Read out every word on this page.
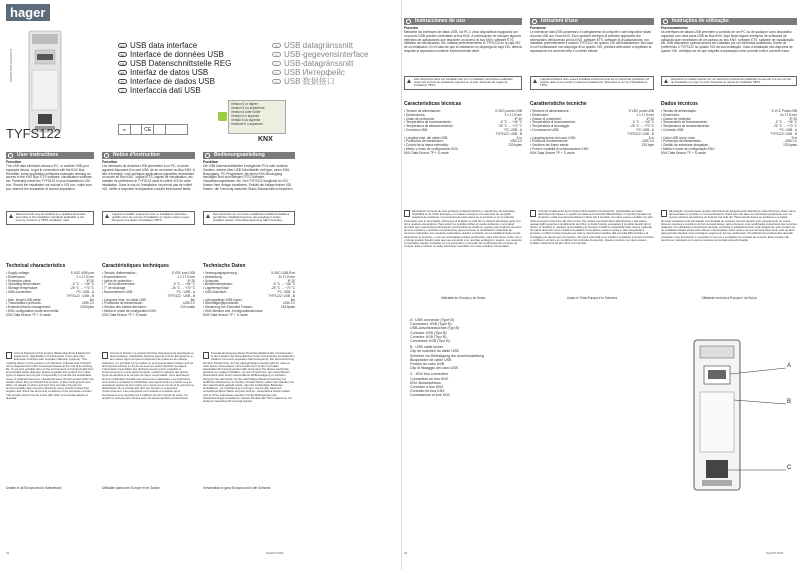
hager
6LE007151B 6LE002771
TYFS122
EN USB data interface
FR Interface de données USB
DE USB Datenschnittstelle REG
ES Interfaz de datos USB
PT Interface de dados USB
IT Interfaccia dati USB
NL USB datagränssnitt
SV USB-gegevensinterface
FI USB-datagränssnitt
RU USB Интерфейс
ZH USB 数据接口
TP	CE
Version 5 or higher
Version 5 ou supérieure
Version 5 oder höher
Versión 5 o superior
Versão 5 ou superior
Versione 5 o superiore
KNX
User instructions
Function

The USB data interfaces allows a PC, or another USB-port equipped device, to get in connection with the KNX Bus. Hereafter, some application softwares examples needing an access to the KNX Bus: ETS software, visualisation software, etc. Preferably install the TYFS122 in your installation's VDI box. Should the installation not include a VDI box, make sure you observe the separation of current separation.

Electrical work may be installed by a qualified electrician according to the installation standards applicable in the country. Conform to TBTS installation rules.
Technical characteristics
• Supply voltage:	5 VDC USB port
• Dimensions:	2 x 17,5 mm
• Protection class:	IP 20
• Operating temperature:	-5 °C → +45 °C
• Storage temperature:	-25 °C → +70 °C
• USB-connection:	PC: USB - A
TYFS122 : USB - B
• Max. length USB cable:	5m
• Transmission protocols:	USB 2.0
• Extended frame management:	233 bytes
• KNX configuration mode and media:
KNX Data Secure TP + S-mode
Correct Disposal of this product (Waste Electrical & Electronic Equipment). (Applicable in the European Union and other European countries with separate collection systems). This marking shown on the product or its literature indicates that it should not be disposed with other household wastes at the end of its working life. To prevent possible harm to the environment or human health from uncontrolled waste disposal, please separate this product from other types of wastes and recycle it responsibly to promote the sustainable reuse of material resources. Household users should contact either the retailer where they purchased this product, or their local government office, for details of where and how they can take this item for environmentally safe recycling. Business users should contact their supplier and check the terms and conditions of the purchase contract. This product should not be mixed with other commercial wastes of disposal.
Usable in all Europe and in Switzerland
Notice d'instruction
Fonction

Les interfaces de données USB permettent à un PC, ou autre appareil disposant d'un port USB, de se connecter au Bus KNX. A titre d'exemple, voici quelques applications logicielles nécessitant un accès au Bus KNX : logiciel ETS, logiciel de visualisation, etc. Installer de préférence le TYFS122 dans le coffret VDI de votre installation. Dans le cas où l'installation ne prévoit pas de coffret VDI, veiller à respecter la séparation courant fort/courant faible.

Appareil à installer uniquement par un installateur électricien qualifié selon les normes d'installation en vigueur dans le pays. Respecter les règles d'installation TBTS.
Caractéristiques techniques
• Tension d'alimentation :	5 VDC port USB
• Encombrement :	2 x 17,5 mm
• Indice de protection :	IP 20
• T° de fonctionnement :	-5 °C → +45 °C
• T° de stockage :	-25 °C → +70 °C
• Raccordement USB :	PC : USB - A
TYFS122 : USB - B
• Longueur max. du câble USB :	5m
• Protocoles de transmission :	USB 2.0
• Gestion des trames étendues :	233 octets
• Media et mode de configuration KNX :
KNX Data Secure TP + S-mode
Comment éliminer ce produit (déchets d'équipements électriques et électroniques). (Applicable dans les pays de l'Union Européenne et aux autres pays européens disposant de systèmes de collecte sélective). Ce symbole sur le produit ou sa documentation indique qu'il ne doit pas être éliminé en fin de vie avec les autres déchets ménagers. L'élimination incontrôlée des déchets pouvant porter préjudice à l'environnement ou à la santé humaine, veuillez le séparer des autres types de déchets et le recycler de façon responsable. Vous favoriserez ainsi la réutilisation durable des ressources matérielles. Les particuliers sont invités à contacter le distributeur leur ayant vendu le produit ou à se renseigner auprès de leur mairie pour savoir où et comment ils peuvent se débarrasser de ce produit afin qu'il soit recyclé en respectant l'environnement. Les entreprises sont invitées à contacter leurs fournisseurs et à consulter les conditions de leur contrat de vente. Ce produit ne doit pas être éliminé avec les autres déchets commerciaux.
Utilisable partout en Europe et en Suisse
Bedienungsanleitung
Funktion

Die USB Datenschnittstellen ermöglichen PCs oder anderen Geräten, welche über USB Schnittstelle verfügen, einen KNX-Buszugang. PC-Programme, die einen KNX-Buszugang benötigen sind zum Beispiel: ETS Software, Visualisierungsoftware, etc. Den TYFS122 möglichst im VDI-Kasten Ihrer Anlage installieren. Enthält die Anlage keinen VDI-Kasten, die Trennung zwischen Stark-/Schwachstrom beachten.

Das Gerät darf nur von einem qualifizierten Elektroinstallateur gemäß den Installationsnormen des jeweiligen Landes installiert werden. Schutzkleinspannung SELV beachten.
Technische Daten
• Versorgungsspannung :	5 VDC USB-Port
• Abmessung:	2x 17,5 mm
• Schutzart:	IP 20
• Betriebstemperatur:	-5 °C → +45 °C
• Lagertemperatur:	-25 °C → +70 °C
• USB-Anschluß:	PC: USB - A
TYFS122: USB - B
• Leitungslänge USB-Kabel:	5m
• Übertragungsprotokolle:	USB 2.0
• Steuerung von Extended Frames:	233 Bytes
• KNX-Medium und -Konfigurationsmodus:
KNX Data Secure TP + S-mode
Korrekte Entsorgung dieses Produkts (Elektromüll). (Anzuwenden in den Ländern der Europäischen Union und anderen europäischen Ländern mit einem separaten Sammelsystem). Die Kennzeichnung auf dem Produkt bzw. auf der dazugehörigen Literatur gibt an, dass es nach seiner Lebensdauer nicht zusammen mit dem normalen Haushaltsmüll entsorgt werden darf. Entsorgen Sie dieses Gerät bitte getrennt von anderen Abfällen, um der Umwelt bzw. der menschlichen Gesundheit nicht durch unkontrollierte Müllbeseitigung zu schaden. Recyceln Sie das Gerät, um die nachhaltige Wiederverwertung von stofflichen Ressourcen zu fördern. Private Nutzer sollten den Händler, bei dem das Produkt gekauft wurde, oder die zuständigen Behörden kontaktieren, um in Erfahrung zu bringen, wie sie das Gerät auf umweltfreundliche Weise recyceln können. Gewerbliche Nutzer sollten sich an Ihren Lieferanten wenden und die Bedingungen des Verkaufsvertrags konsultieren. Dieses Produkt darf nicht zusammen mit anderem Gewerbemüll entsorgt werden.
Verwendbar in ganz Europa und in der Schweiz
01	6LE007151B
Instrucciones de uso
Función

Mediante las interfaces de datos USB, los PC u otros dispositivos equipados con un puerto USB pueden conectarse al bus KNX. A continuación se incluyen algunos ejemplos de aplicaciones que requieren un acceso al bus KNX: software ETS, software de visualización, etc. Instalar preferentemente el TYFS122 en la caja VDI de su instalación. En el caso de que la instalación no disponga de caja VDI, deberá respetar la separación corriente fuerte/corriente débil.

Este dispositivo debe ser instalado sólo por un instalador electricista cualificado según las normas de instalación vigentes en el país. Respetar las reglas de instalación TBTS.
Características técnicas
• Tensión de alimentación:	5 VDC puerto USB
• Dimensiones:	2 x 17,5 mm
• Clase de protección:	IP 20
• Temperatura de funcionamiento:	-5 °C → +45 °C
• Temperatura de almacenamiento:	-25 °C → +70 °C
• Conexión USB:	PC: USB - A
TYFS122: USB - B
• Longitud máx. del cable USB:	5 m
• Protocolos de transmisión:	USB 2.0
• Control de la trama extendida:	233 bytes
• Medio y modo de configuración KNX:
KNX Data Secure TP + S-mode
Eliminación correcta de este producto (material eléctrico y electrónico de descarte). (Aplicable en la Unión Europea y en países europeos con sistemas de recogida selectiva de residuos). La presencia de esta marca en el producto o en el material informativo que lo acompaña, indica que al finalizar su vida útil no deberá eliminarse junto con otros residuos domésticos. Para evitar los posibles daños al medio ambiente o a la salud humana que representa la eliminación incontrolada de residuos, separe este producto de otros tipos de residuos y recíclelo correctamente para promover la reutilización sostenible de recursos materiales. Los usuarios particulares pueden contactar con el establecimiento donde adquirieron el producto, o con las autoridades locales pertinentes, para informarse sobre cómo y dónde pueden llevarlo para que sea sometido a un reciclaje ecológico y seguro. Los usuarios comerciales pueden contactar con su proveedor y consultar las condiciones del contrato de compra. Este producto no debe eliminarse mezclado con otros residuos comerciales.
Utilizable en Europa y en Suiza
Istruzioni d'uso
Funzione

Le interfacce dati USB consentono il collegamento di computer o altri dispositivi dotati di porta USB con il bus KNX. Ecco qualche esempio di software applicativi che necessitano dell'accesso al bus KNX: software ETS, software di visualizzazione, ecc. Installare preferibilmente il modulo TYFS122 nel quadro VDI dell'installazione. Nel caso in cui l'installazione non disponga di un quadro VDI, prestare attenzione a rispettare la separazione tra corrente forte e corrente debole.

L'apparecchiatura deve essere installata esclusivamente da un elettricista qualificato nel rispetto delle norme locali in materia d'installazione. Rispettare le norme d'installazione TBTS.
Caratteristiche tecniche
• Tensione di alimentazione:	5 VDC porta USB
• Dimensioni:	2 x 17,5 mm
• Classe di protezione:	IP 20
• Temperatura di funzionamento:	-5 °C → +45 °C
• Temperatura di stoccaggio:	-25 °C → +70 °C
• Connessione USB:	PC: USB - A
TYFS122: USB - B
• Lunghezza max del cavo USB:	5 m
• Protocolli di trasmissione:	USB 2.0
• Gestione dei frame estesi:	233 byte
• Porta e modalità di comunicazione KNX:
KNX Data Secure TP + S-mode
Corretto smaltimento del prodotto (rifiuti elettrici ed elettronici). (Applicabile nei paesi dell'Unione Europea e in quelli con sistema di raccolta differenziata). Il marchio riportato sul prodotto o sulla sua documentazione indica che il prodotto non deve essere smaltito con altri rifiuti domestici al termine del ciclo di vita. Per evitare eventuali danni all'ambiente o alla salute causati dall'inopportuno smaltimento dei rifiuti, si invita l'utente a separare il prodotto da altri tipi di rifiuti e di riciclarlo in maniera responsabile per favorire il riutilizzo sostenibile delle risorse materiali. Gli utenti domestici sono invitati a contattare il rivenditore presso il quale è stato acquistato il prodotto o l'ufficio locale preposto per tutte le informazioni relative alla raccolta differenziata e al riciclaggio per questo tipo di prodotto. Gli utenti aziendali sono invitati a contattare il proprio fornitore e verificare i termini e le condizioni del contratto di acquisto. Questo prodotto non deve essere smaltito unitamente ad altri rifiuti commerciali.
Usato in Tutta Europa e in Svizzera
Instruções de utilização
Funcionamento

As interfaces de dados USB permitem a conexão de um PC ou de qualquer outro dispositivo equipado com uma porta USB ao Bus KNX. Aqui ficam alguns exemplos de softwares de aplicação que necessitam de um acesso ao bus KNX: software ETS, software de visualização, etc. Este dispositivo apenas deverá ser instalado por um eletricista qualificado. Monte de preferência o TYFS122 no quadro VDI da sua instalação. Caso a instalação não disponha de quadro VDI, certifique-se de que respeita a separação entre corrente forte e corrente fraca.

Dispositivo a instalar apenas por um eletricista profissional qualificado de acordo com as normas de instalação em vigor no país. Respeitar as regras de instalação SBTS.
Dados técnicos
• Tensão de alimentação:	5 VCC Porta USB
• Dimensões:	2x 17,5 mm
• Classe de proteção:	IP 20
• Temperatura de funcionamento:	-5 °C → +45 °C
• Temperatura de armazenamento:	-25 °C → +70 °C
• Conexão USB:	PC: USB - A
TYFS122: USB - B
• Cabo USB comp. máx:	5 m
• Protocolos de transmissão:	USB 2.0
• Gestão de estruturas alargadas:	233 bytes
• Média e modo de configuração KNX:
KNX Data Secure TP + S-mode
Eliminação correcta deste produto (Resíduos de Equipamentos Eléctricos e Electrónicos). Esta marca, apresentada no produto ou na sua literatura, indica que não deve ser eliminado juntamente com os outros resíduos domésticos no final da sua vida útil. Para impedir danos ao ambiente e à saúde humana causados pela eliminação incontrolada de resíduos deverá separar este equipamento de outros tipos de resíduos e reciclá-lo de forma responsável, para promover uma reutilização sustentável dos recursos materiais. Os utilizadores domésticos deverão contactar o estabelecimento onde adquiriram este produto ou as entidades oficiais locais para obterem informações sobre onde e de que forma podem levar este produto para permitir efectuar uma reciclagem segura em termos ambientais. Os utilizadores profissionais deverão contactar o seu fornecedor e consultar os termos e condições do contrato de compra. Este produto não deverá ser misturado com outros resíduos comerciais para eliminação.
Utilizável em toda a Europa e na Suíça
A : USB connector (Type B)
Connecteur USB (Type B)
USB-Anschlussbuchse (Typ B)
Conector USB (Tipo B)
Conector USB (Tipo B)
Connettore USB (Tipo B)
B : USB cable locker
Clip de maintien du câble USB
Schieber zur Befestigung der Anschlussleitung
Bloqueador de cable USB
Fixador do cabo USB
Clip di fissaggio del cavo USB
C : KNX bus connection
Connection au bus KNX
KNX-Busanschluss
Conexión a bus KNX
Conexão do bus KNX
Connessione al bus KNX
A
B
C
02	6LE007151B
